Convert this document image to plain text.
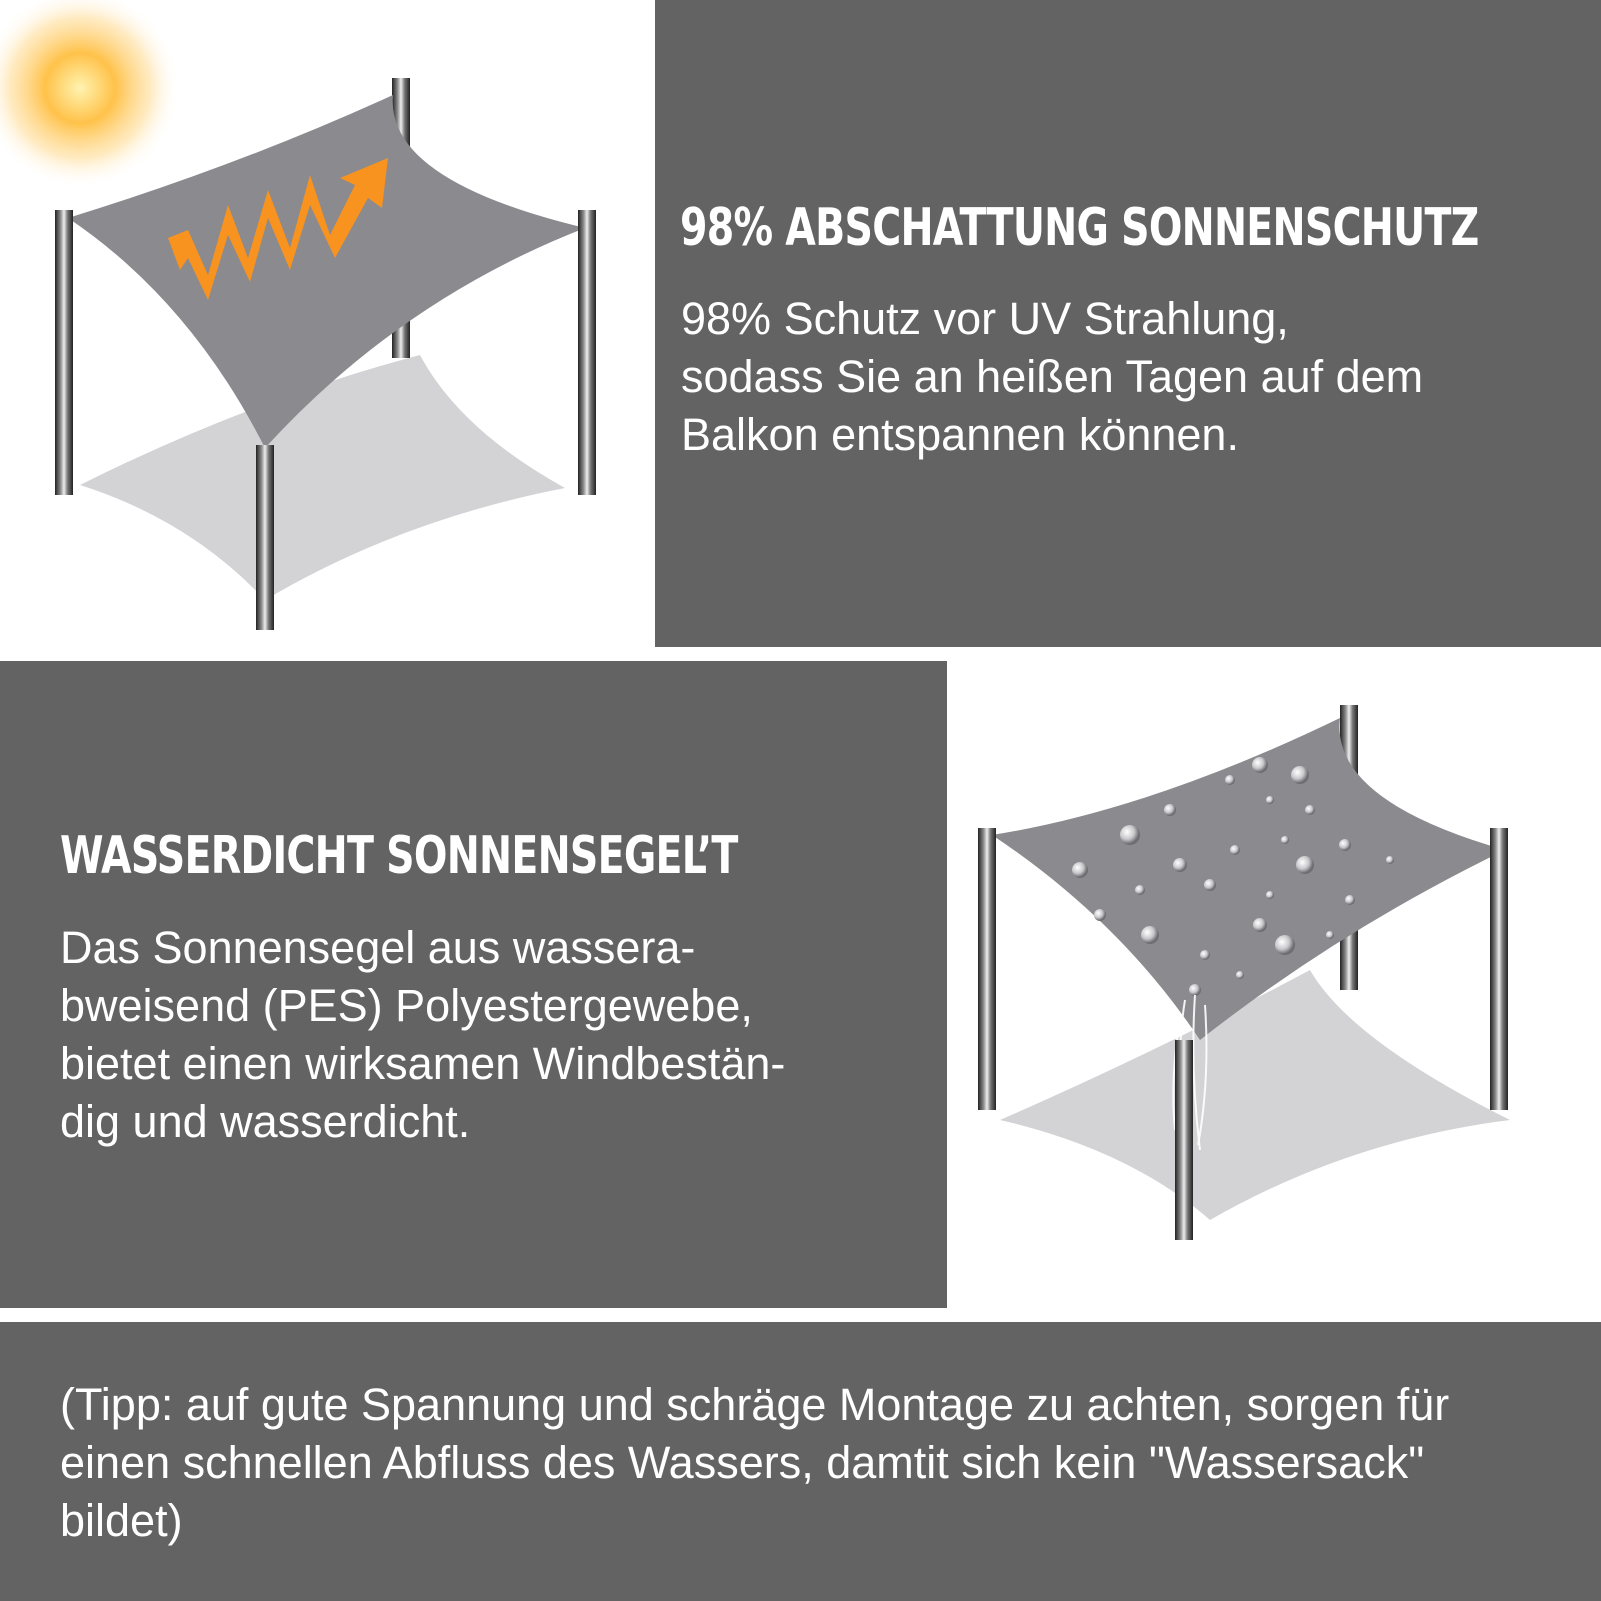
98% ABSCHATTUNG SONNENSCHUTZ

98% Schutz vor UV Strahlung,
sodass Sie an heißen Tagen auf dem
Balkon entspannen können.

WASSERDICHT SONNENSEGEL’T

Das Sonnensegel aus wassera-
bweisend (PES) Polyestergewebe,
bietet einen wirksamen Windbestän-
dig und wasserdicht.

(Tipp: auf gute Spannung und schräge Montage zu achten, sorgen für
einen schnellen Abfluss des Wassers, damtit sich kein "Wassersack"
bildet)
